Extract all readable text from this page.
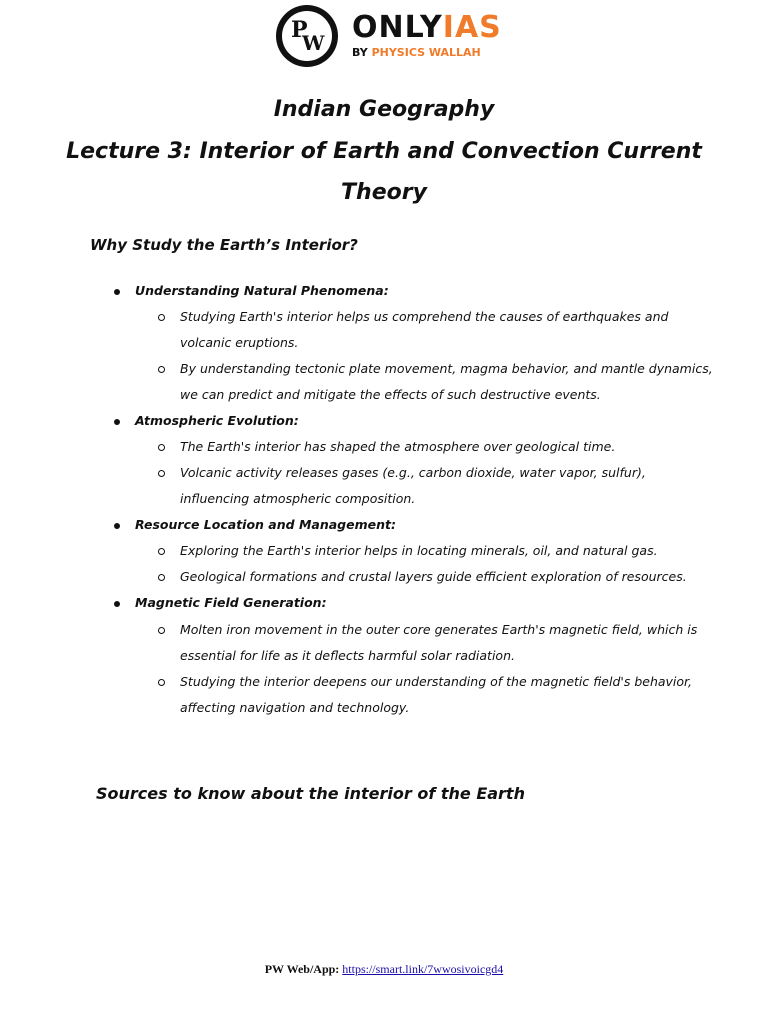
P
W ONLYIAS
BY PHYSICS WALLAH
Indian Geography
Lecture 3: Interior of Earth and Convection Current
Theory
Why Study the Earth’s Interior?
Understanding Natural Phenomena:
Studying Earth's interior helps us comprehend the causes of earthquakes and
volcanic eruptions.
By understanding tectonic plate movement, magma behavior, and mantle dynamics,
we can predict and mitigate the effects of such destructive events.
Atmospheric Evolution:
The Earth's interior has shaped the atmosphere over geological time.
Volcanic activity releases gases (e.g., carbon dioxide, water vapor, sulfur),
influencing atmospheric composition.
Resource Location and Management:
Exploring the Earth's interior helps in locating minerals, oil, and natural gas.
Geological formations and crustal layers guide efficient exploration of resources.
Magnetic Field Generation:
Molten iron movement in the outer core generates Earth's magnetic field, which is
essential for life as it deflects harmful solar radiation.
Studying the interior deepens our understanding of the magnetic field's behavior,
affecting navigation and technology.
Sources to know about the interior of the Earth
PW Web/App: https://smart.link/7wwosivoicgd4
